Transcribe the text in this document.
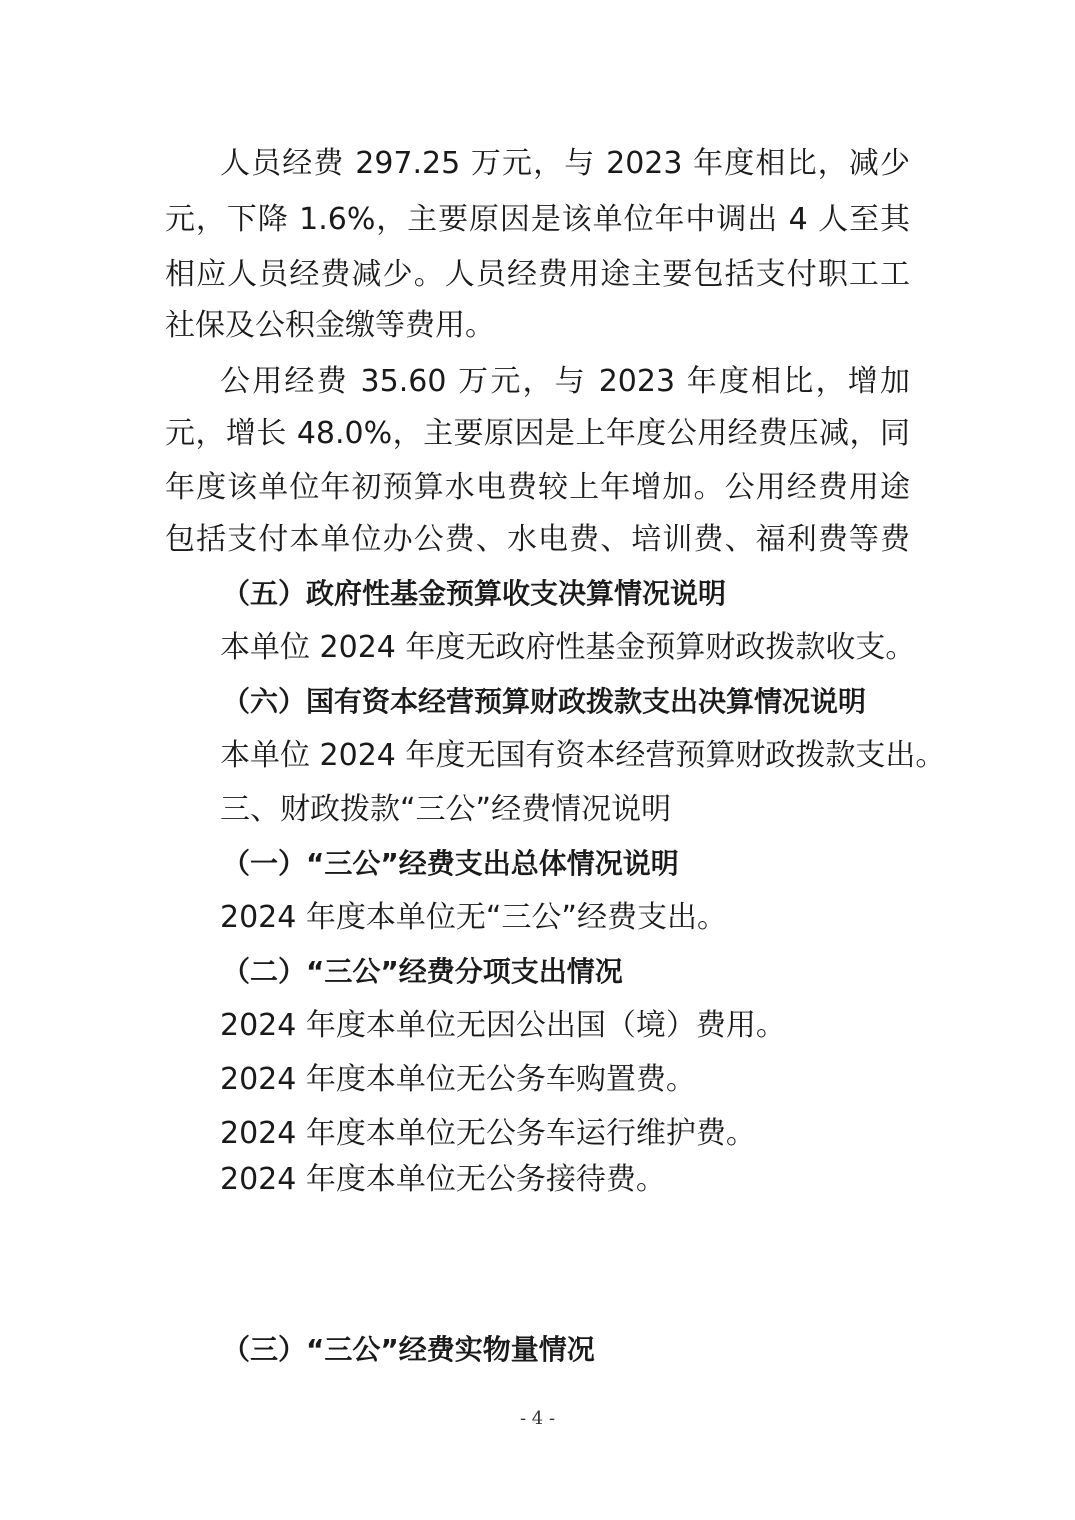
人员经费 297.25 万元，与 2023 年度相比，减少
元，下降 1.6%，主要原因是该单位年中调出 4 人至其
相应人员经费减少。人员经费用途主要包括支付职工工
社保及公积金缴等费用。
公用经费 35.60 万元，与 2023 年度相比，增加
元，增长 48.0%，主要原因是上年度公用经费压减，同
年度该单位年初预算水电费较上年增加。公用经费用途
包括支付本单位办公费、水电费、培训费、福利费等费
（五）政府性基金预算收支决算情况说明
本单位 2024 年度无政府性基金预算财政拨款收支。
（六）国有资本经营预算财政拨款支出决算情况说明
本单位 2024 年度无国有资本经营预算财政拨款支出。
三、财政拨款“三公”经费情况说明
（一）“三公”经费支出总体情况说明
2024 年度本单位无“三公”经费支出。
（二）“三公”经费分项支出情况
2024 年度本单位无因公出国（境）费用。
2024 年度本单位无公务车购置费。
2024 年度本单位无公务车运行维护费。
2024 年度本单位无公务接待费。
（三）“三公”经费实物量情况
- 4 -
